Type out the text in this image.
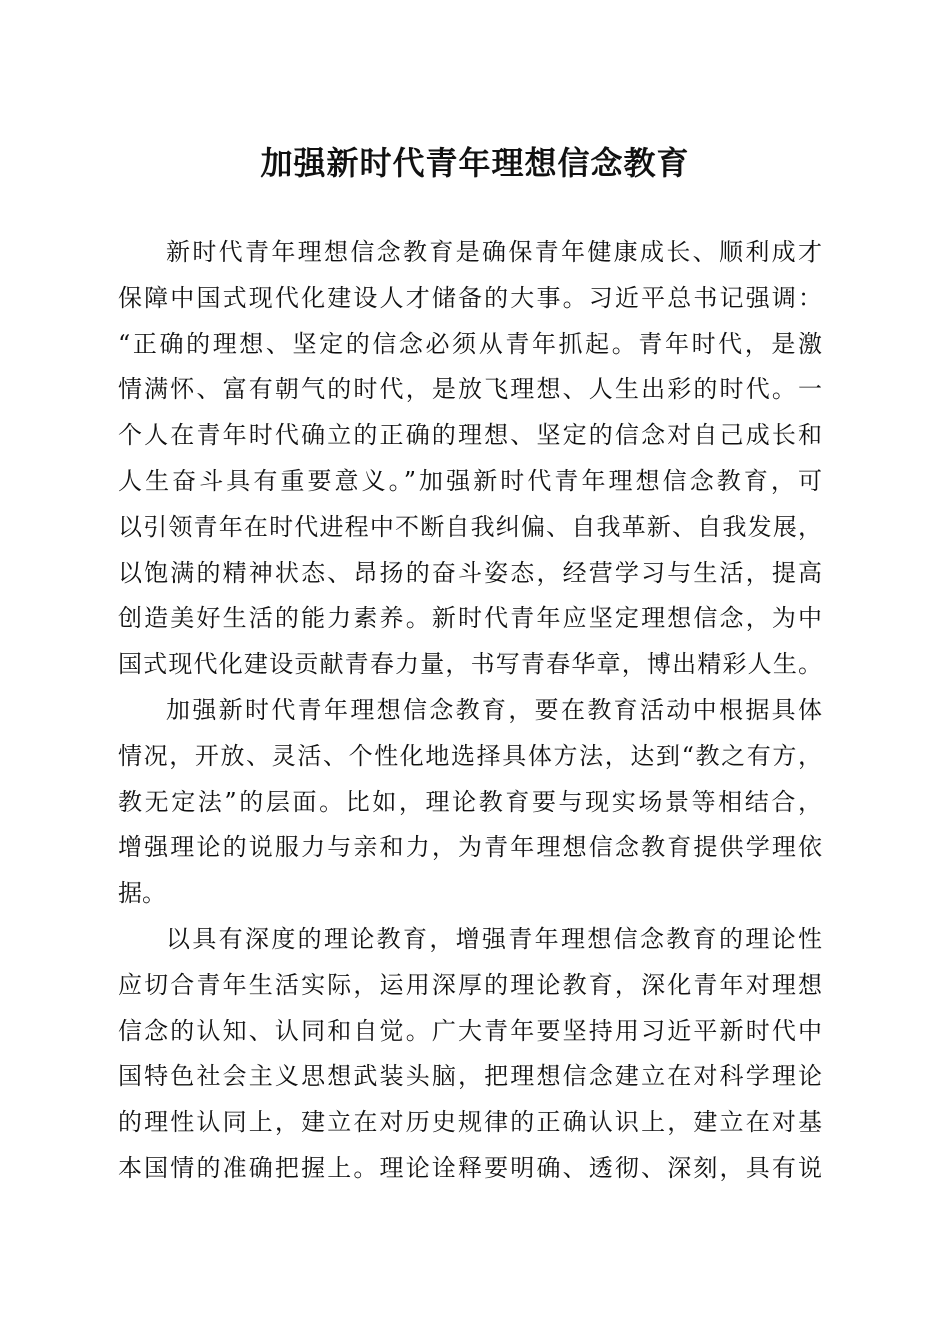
加强新时代青年理想信念教育
新时代青年理想信念教育是确保青年健康成长、顺利成才
保障中国式现代化建设人才储备的大事。习近平总书记强调：
“正确的理想、坚定的信念必须从青年抓起。青年时代，是激
情满怀、富有朝气的时代，是放飞理想、人生出彩的时代。一
个人在青年时代确立的正确的理想、坚定的信念对自己成长和
人生奋斗具有重要意义。”加强新时代青年理想信念教育，可
以引领青年在时代进程中不断自我纠偏、自我革新、自我发展，
以饱满的精神状态、昂扬的奋斗姿态，经营学习与生活，提高
创造美好生活的能力素养。新时代青年应坚定理想信念，为中
国式现代化建设贡献青春力量，书写青春华章，博出精彩人生。
加强新时代青年理想信念教育，要在教育活动中根据具体
情况，开放、灵活、个性化地选择具体方法，达到“教之有方，
教无定法”的层面。比如，理论教育要与现实场景等相结合，
增强理论的说服力与亲和力，为青年理想信念教育提供学理依
据。
以具有深度的理论教育，增强青年理想信念教育的理论性
应切合青年生活实际，运用深厚的理论教育，深化青年对理想
信念的认知、认同和自觉。广大青年要坚持用习近平新时代中
国特色社会主义思想武装头脑，把理想信念建立在对科学理论
的理性认同上，建立在对历史规律的正确认识上，建立在对基
本国情的准确把握上。理论诠释要明确、透彻、深刻，具有说
